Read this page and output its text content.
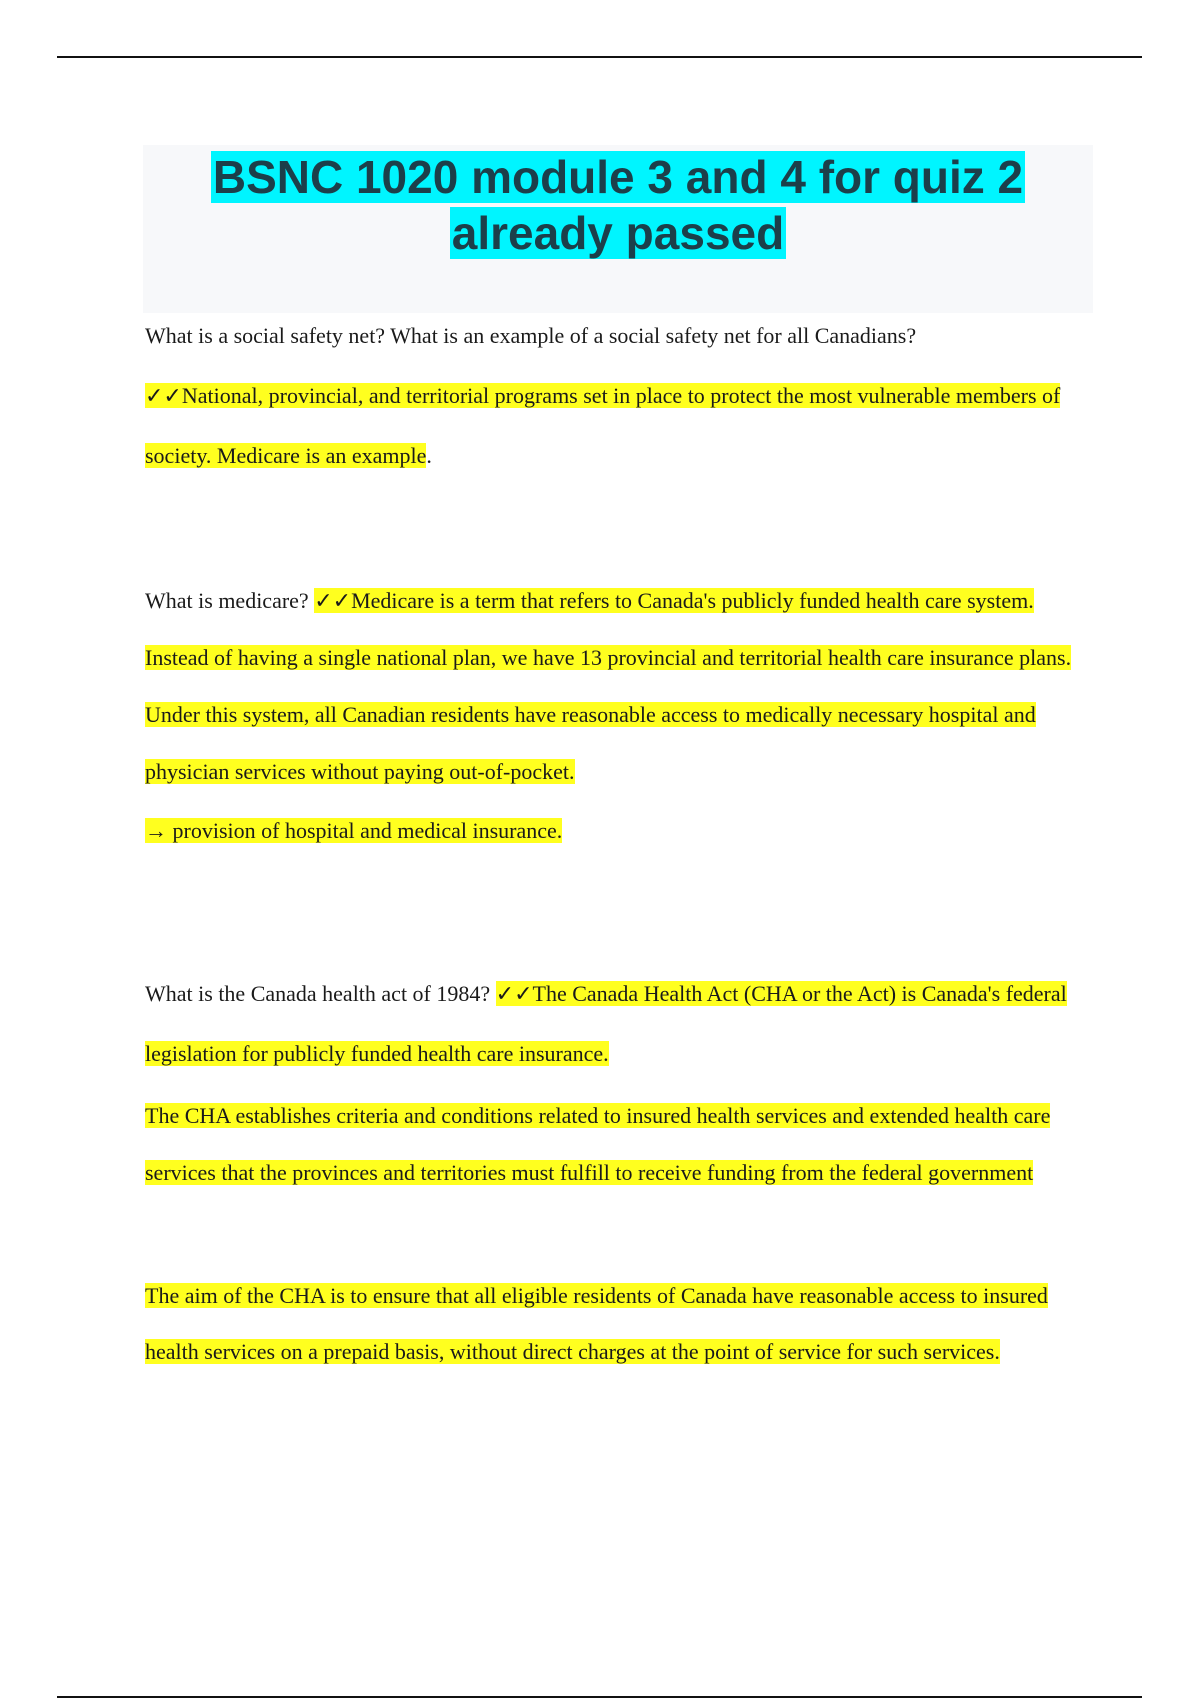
BSNC 1020 module 3 and 4 for quiz 2 already passed

What is a social safety net? What is an example of a social safety net for all Canadians?
✓✓National, provincial, and territorial programs set in place to protect the most vulnerable members of society. Medicare is an example.

What is medicare? ✓✓Medicare is a term that refers to Canada's publicly funded health care system. Instead of having a single national plan, we have 13 provincial and territorial health care insurance plans. Under this system, all Canadian residents have reasonable access to medically necessary hospital and physician services without paying out-of-pocket.

→ provision of hospital and medical insurance.

What is the Canada health act of 1984? ✓✓The Canada Health Act (CHA or the Act) is Canada's federal legislation for publicly funded health care insurance.

The CHA establishes criteria and conditions related to insured health services and extended health care services that the provinces and territories must fulfill to receive funding from the federal government

The aim of the CHA is to ensure that all eligible residents of Canada have reasonable access to insured health services on a prepaid basis, without direct charges at the point of service for such services.
